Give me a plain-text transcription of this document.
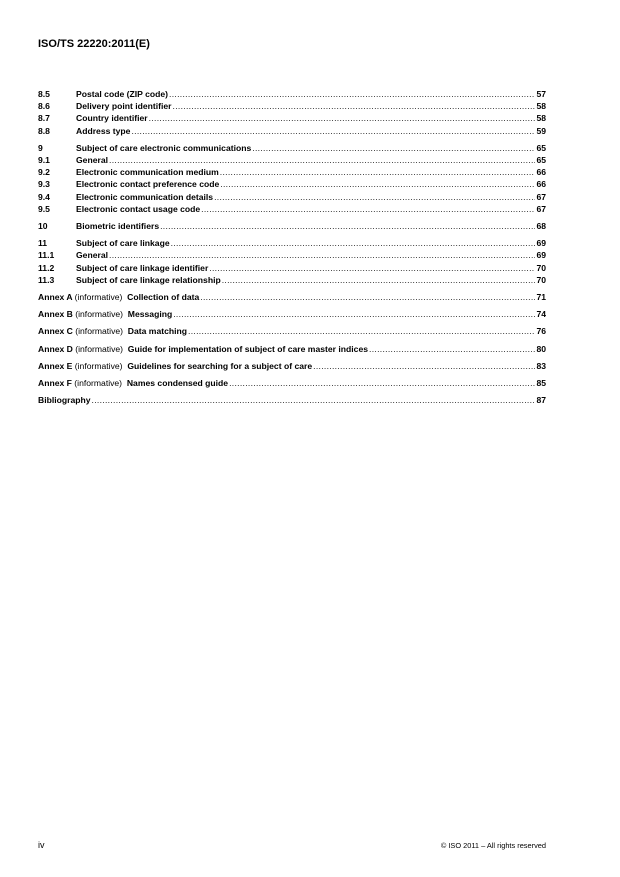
ISO/TS 22220:2011(E)
8.5	Postal code (ZIP code) .....	57
8.6	Delivery point identifier .....	58
8.7	Country identifier .....	58
8.8	Address type .....	59
9	Subject of care electronic communications .....	65
9.1	General .....	65
9.2	Electronic communication medium .....	66
9.3	Electronic contact preference code .....	66
9.4	Electronic communication details .....	67
9.5	Electronic contact usage code .....	67
10	Biometric identifiers .....	68
11	Subject of care linkage .....	69
11.1	General .....	69
11.2	Subject of care linkage identifier .....	70
11.3	Subject of care linkage relationship .....	70
Annex A (informative) Collection of data .....	71
Annex B (informative) Messaging .....	74
Annex C (informative) Data matching .....	76
Annex D (informative) Guide for implementation of subject of care master indices .....	80
Annex E (informative) Guidelines for searching for a subject of care .....	83
Annex F (informative) Names condensed guide .....	85
Bibliography .....	87
iv	© ISO 2011 – All rights reserved
